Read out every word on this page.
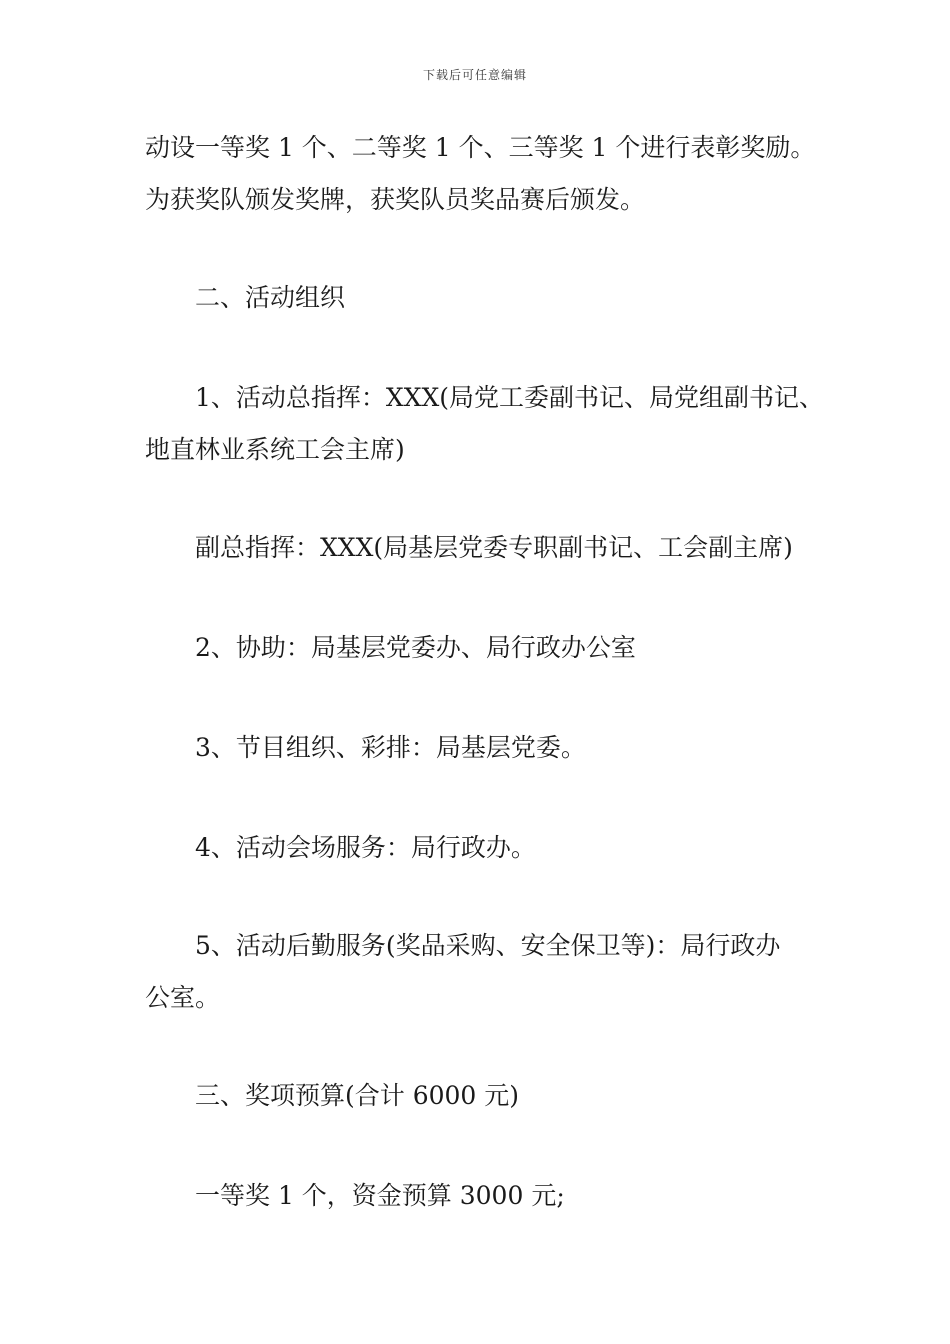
下载后可任意编辑
动设一等奖 1 个、二等奖 1 个、三等奖 1 个进行表彰奖励。
为获奖队颁发奖牌，获奖队员奖品赛后颁发。
二、活动组织
1、活动总指挥：XXX(局党工委副书记、局党组副书记、
地直林业系统工会主席)
副总指挥：XXX(局基层党委专职副书记、工会副主席)
2、协助：局基层党委办、局行政办公室
3、节目组织、彩排：局基层党委。
4、活动会场服务：局行政办。
5、活动后勤服务(奖品采购、安全保卫等)：局行政办
公室。
三、奖项预算(合计 6000 元)
一等奖 1 个，资金预算 3000 元;
